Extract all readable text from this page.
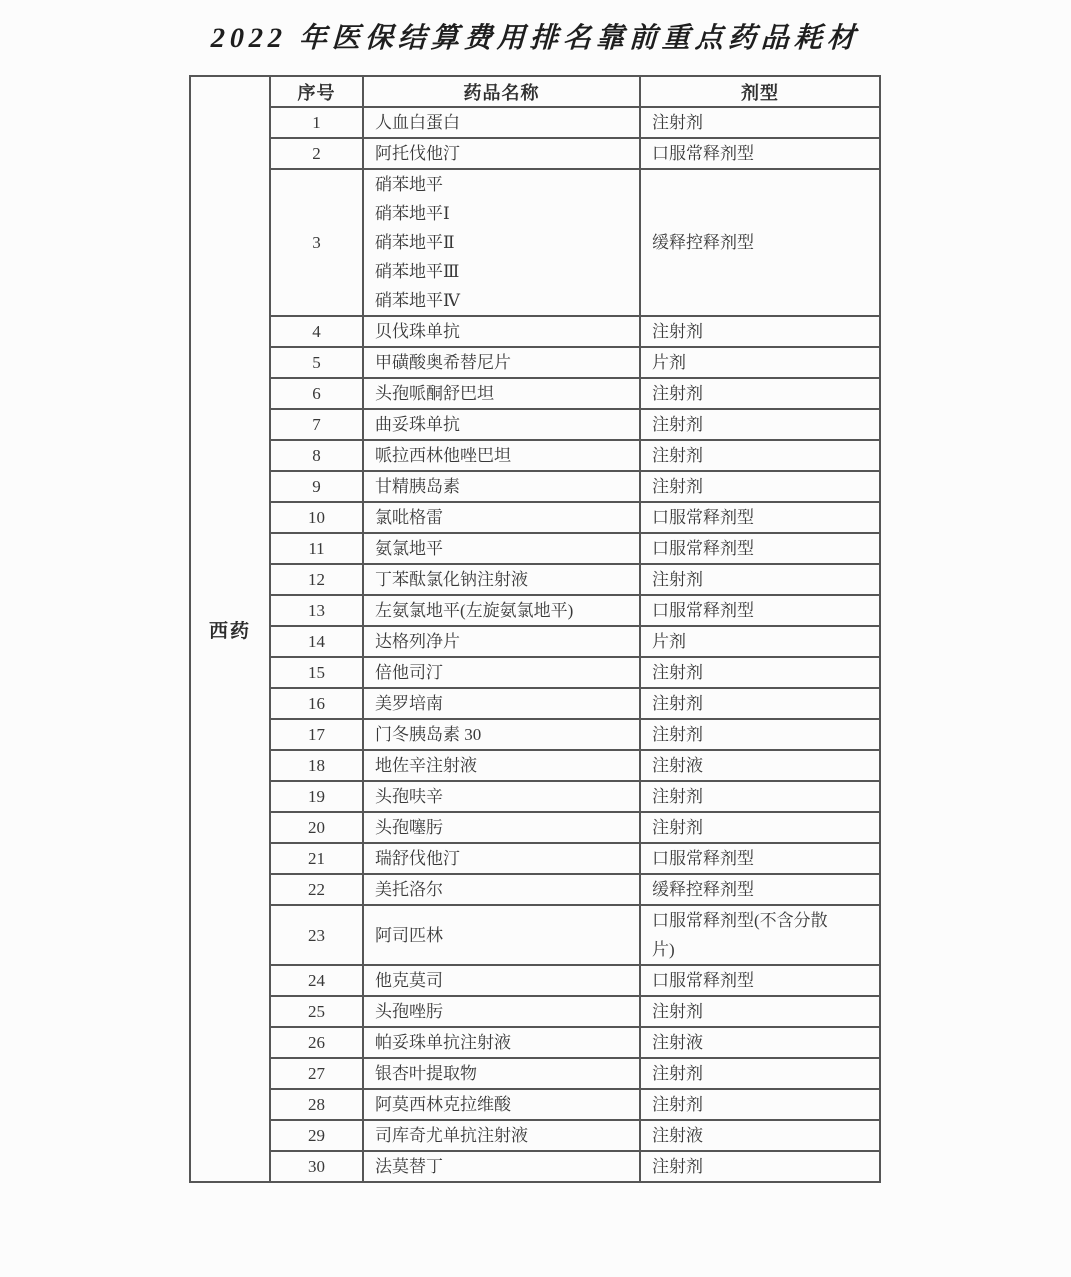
2022 年医保结算费用排名靠前重点药品耗材
西药	序号	药品名称	剂型

	1	人血白蛋白	注射剂

	2	阿托伐他汀	口服常释剂型

	3	硝苯地平
硝苯地平Ⅰ
硝苯地平Ⅱ
硝苯地平Ⅲ
硝苯地平Ⅳ	缓释控释剂型

	4	贝伐珠单抗	注射剂

	5	甲磺酸奥希替尼片	片剂

	6	头孢哌酮舒巴坦	注射剂

	7	曲妥珠单抗	注射剂

	8	哌拉西林他唑巴坦	注射剂

	9	甘精胰岛素	注射剂

	10	氯吡格雷	口服常释剂型

	11	氨氯地平	口服常释剂型

	12	丁苯酞氯化钠注射液	注射剂

	13	左氨氯地平(左旋氨氯地平)	口服常释剂型

	14	达格列净片	片剂

	15	倍他司汀	注射剂

	16	美罗培南	注射剂

	17	门冬胰岛素 30	注射剂

	18	地佐辛注射液	注射液

	19	头孢呋辛	注射剂

	20	头孢噻肟	注射剂

	21	瑞舒伐他汀	口服常释剂型

	22	美托洛尔	缓释控释剂型

	23	阿司匹林	口服常释剂型(不含分散
片)

	24	他克莫司	口服常释剂型

	25	头孢唑肟	注射剂

	26	帕妥珠单抗注射液	注射液

	27	银杏叶提取物	注射剂

	28	阿莫西林克拉维酸	注射剂

	29	司库奇尤单抗注射液	注射液

	30	法莫替丁	注射剂
